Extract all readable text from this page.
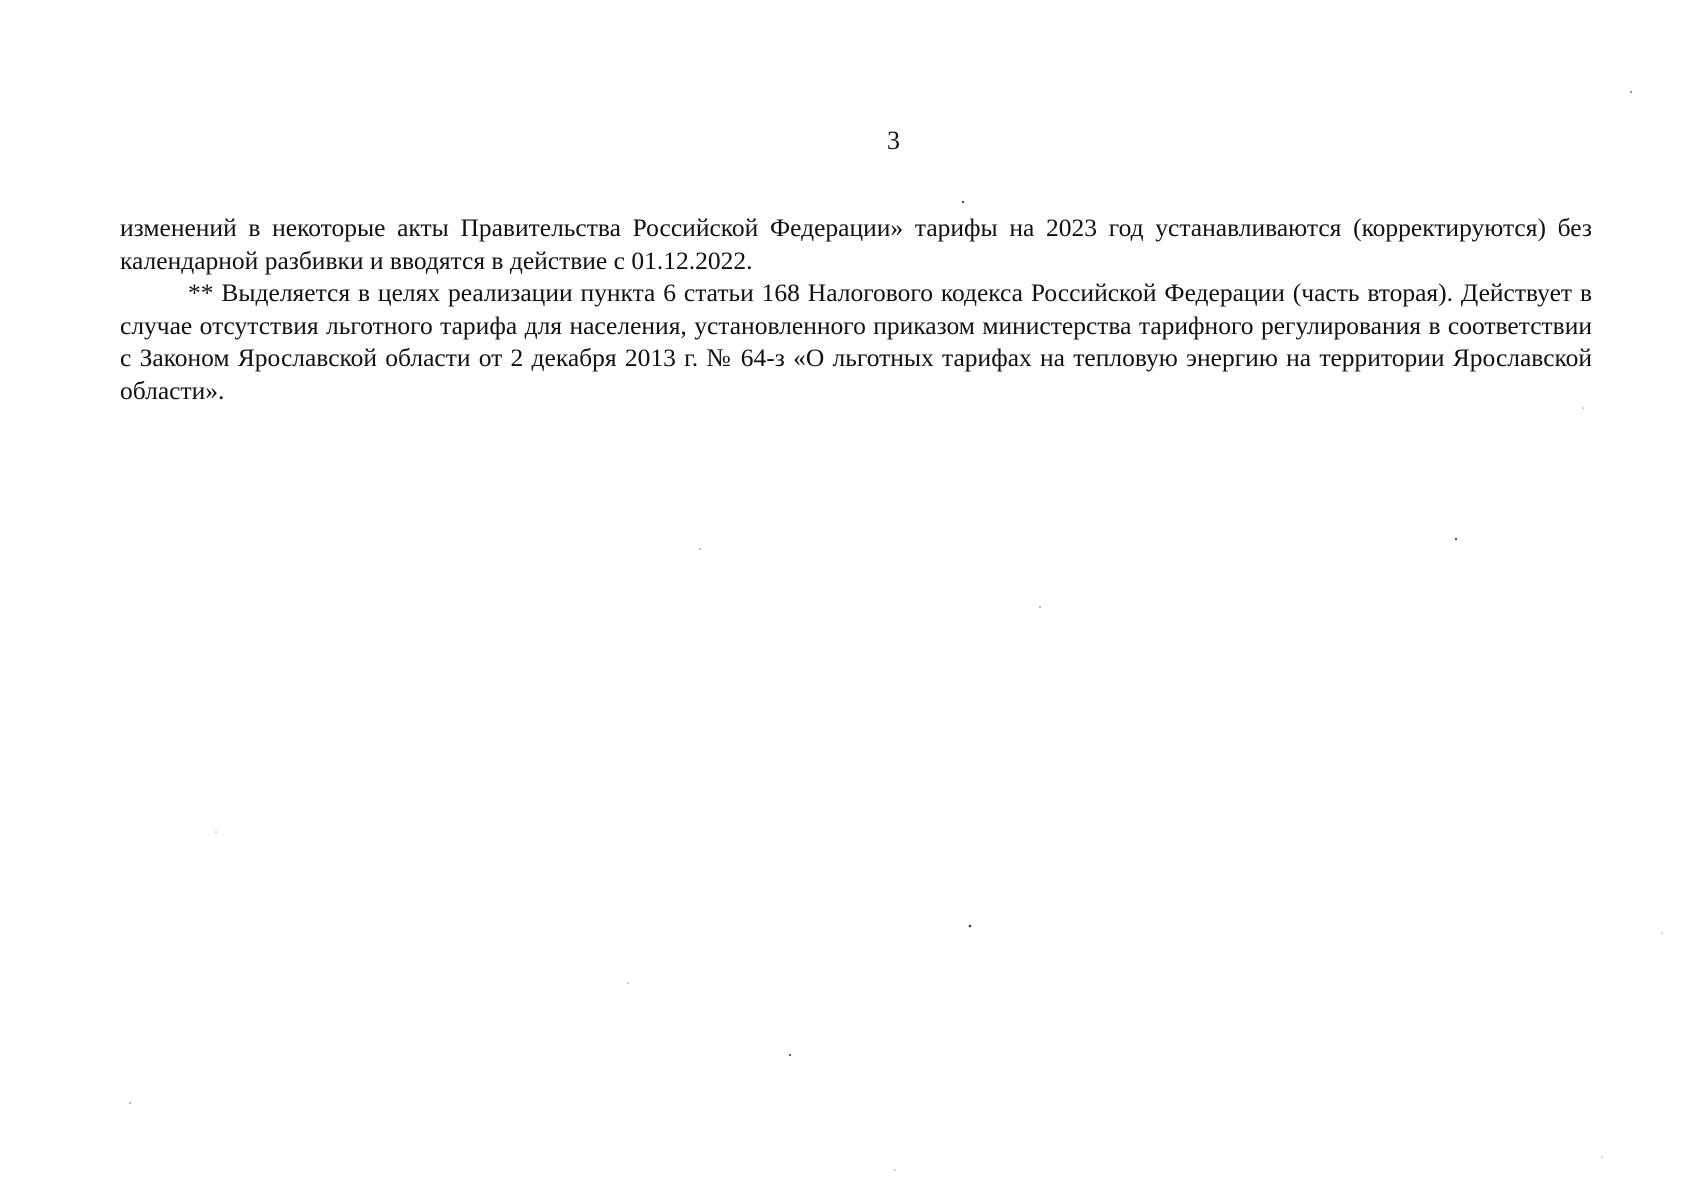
3

изменений в некоторые акты Правительства Российской Федерации» тарифы на 2023 год устанавливаются (корректируются) без календарной разбивки и вводятся в действие с 01.12.2022.

** Выделяется в целях реализации пункта 6 статьи 168 Налогового кодекса Российской Федерации (часть вторая). Действует в случае отсутствия льготного тарифа для населения, установленного приказом министерства тарифного регулирования в соответствии с Законом Ярославской области от 2 декабря 2013 г. № 64-з «О льготных тарифах на тепловую энергию на территории Ярославской области».
